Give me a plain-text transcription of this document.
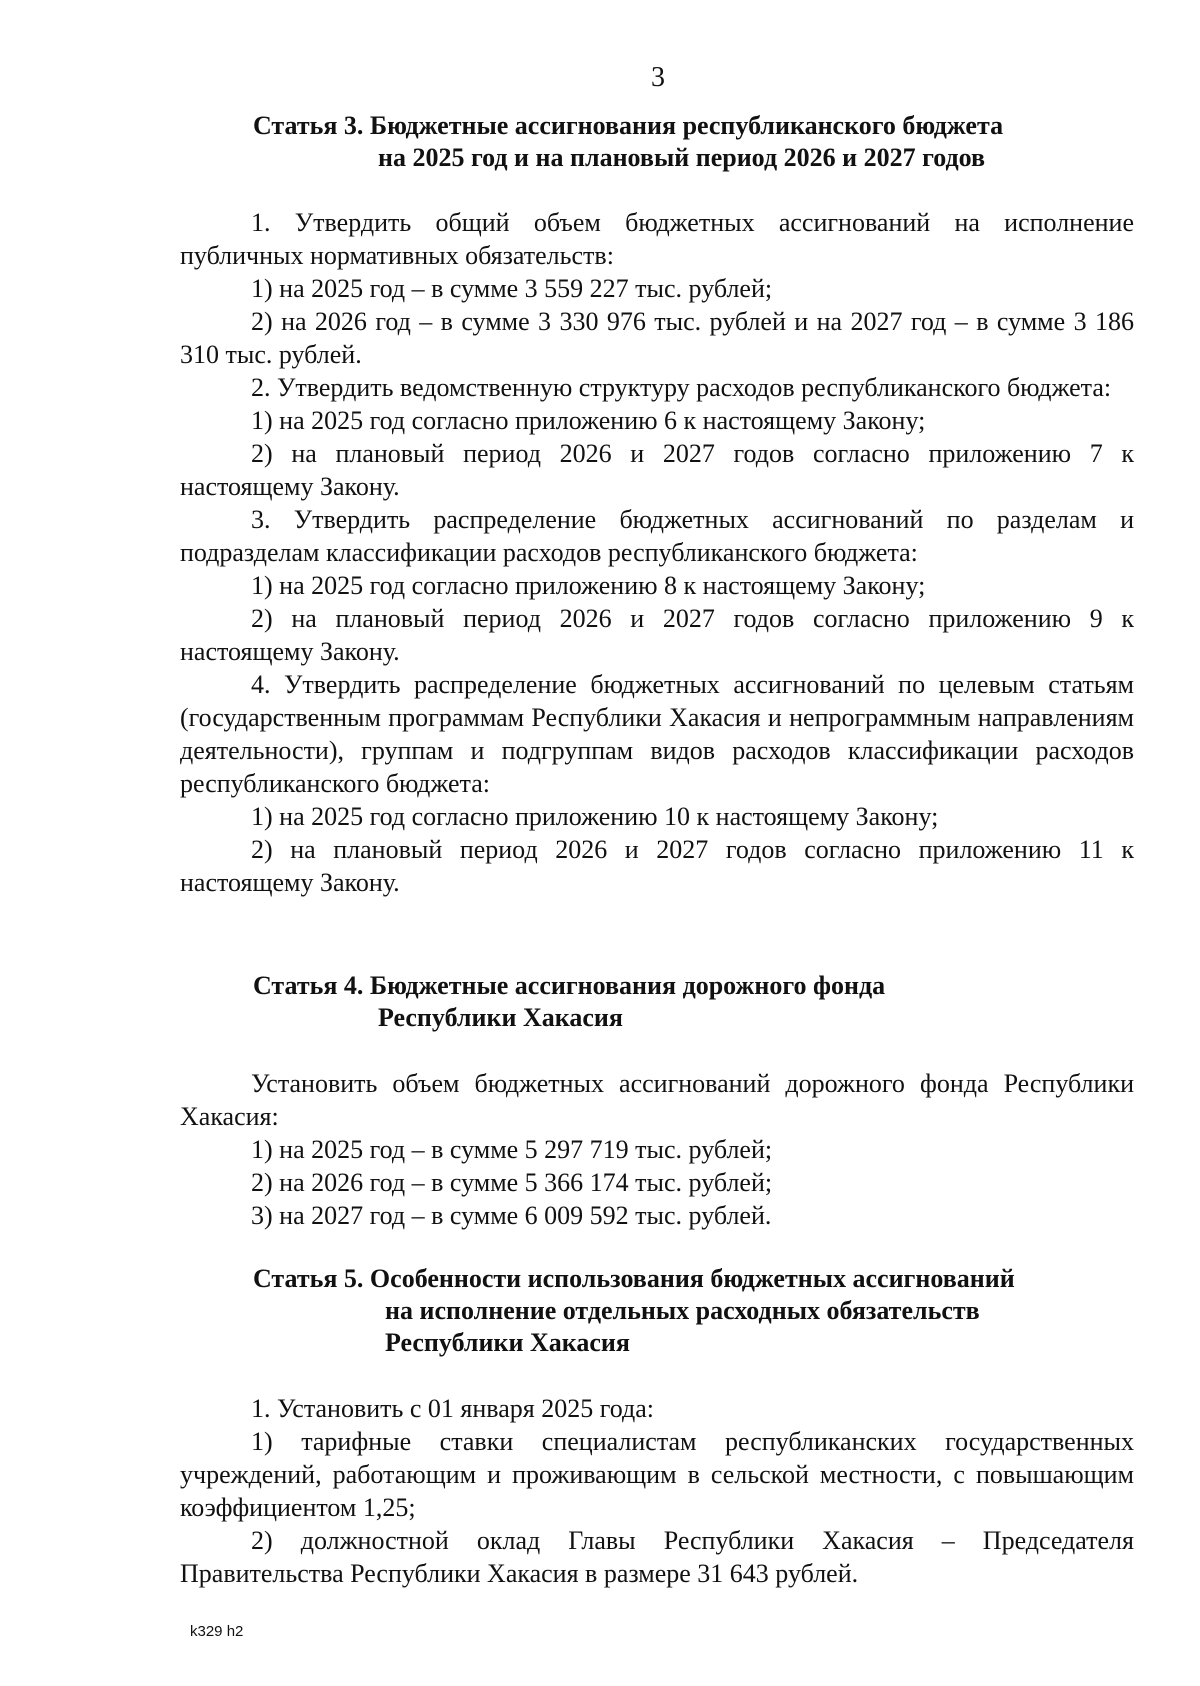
3
Статья 3. Бюджетные ассигнования республиканского бюджета
на 2025 год и на плановый период 2026 и 2027 годов

1. Утвердить общий объем бюджетных ассигнований на исполнение публичных нормативных обязательств:

1) на 2025 год – в сумме 3 559 227 тыс. рублей;

2) на 2026 год – в сумме 3 330 976 тыс. рублей и на 2027 год – в сумме 3 186 310 тыс. рублей.

2. Утвердить ведомственную структуру расходов республиканского бюджета:

1) на 2025 год согласно приложению 6 к настоящему Закону;

2) на плановый период 2026 и 2027 годов согласно приложению 7 к настоящему Закону.

3. Утвердить распределение бюджетных ассигнований по разделам и подразделам классификации расходов республиканского бюджета:

1) на 2025 год согласно приложению 8 к настоящему Закону;

2) на плановый период 2026 и 2027 годов согласно приложению 9 к настоящему Закону.

4. Утвердить распределение бюджетных ассигнований по целевым статьям (государственным программам Республики Хакасия и непрограммным направлениям деятельности), группам и подгруппам видов расходов классификации расходов республиканского бюджета:

1) на 2025 год согласно приложению 10 к настоящему Закону;

2) на плановый период 2026 и 2027 годов согласно приложению 11 к настоящему Закону.

Статья 4. Бюджетные ассигнования дорожного фонда
Республики Хакасия

Установить объем бюджетных ассигнований дорожного фонда Республики Хакасия:

1) на 2025 год – в сумме 5 297 719 тыс. рублей;

2) на 2026 год – в сумме 5 366 174 тыс. рублей;

3) на 2027 год – в сумме 6 009 592 тыс. рублей.

Статья 5. Особенности использования бюджетных ассигнований
на исполнение отдельных расходных обязательств
Республики Хакасия

1. Установить с 01 января 2025 года:

1) тарифные ставки специалистам республиканских государственных учреждений, работающим и проживающим в сельской местности, с повышающим коэффициентом 1,25;

2) должностной оклад Главы Республики Хакасия – Председателя Правительства Республики Хакасия в размере 31 643 рублей.

k329 h2
